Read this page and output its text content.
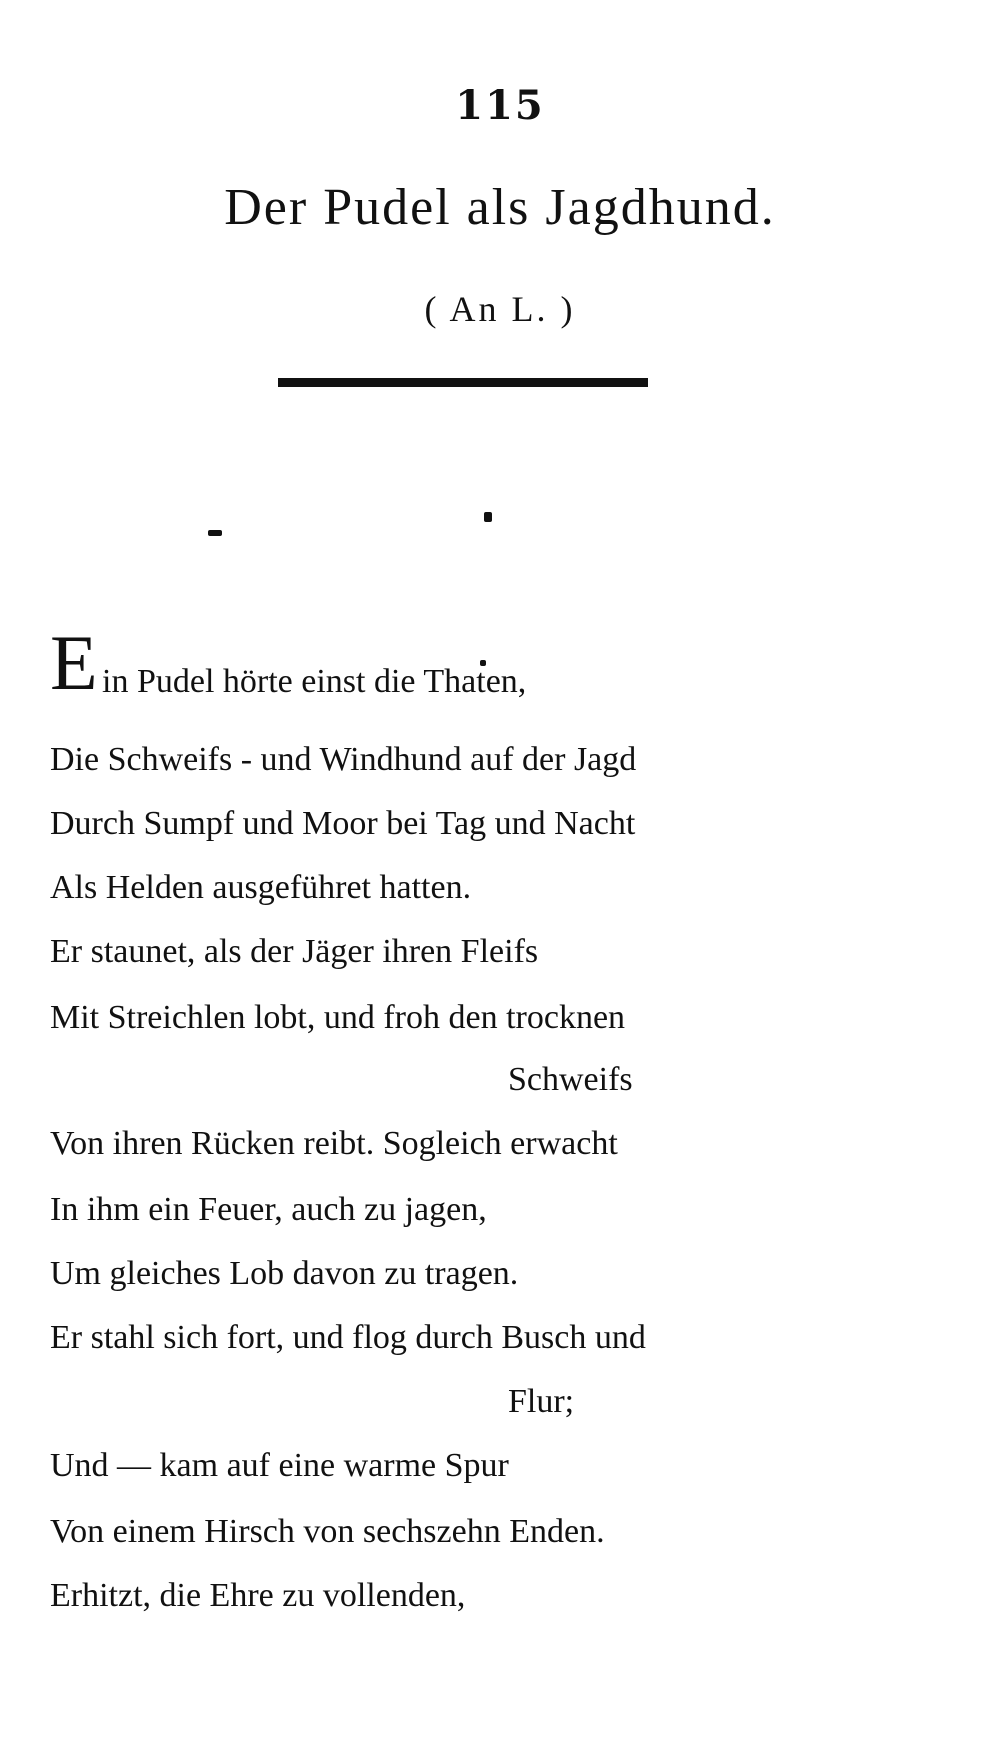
115
Der Pudel als Jagdhund.
( An L. )
E in Pudel hörte einst die Thaten,
Die Schweifs - und Windhund auf der Jagd
Durch Sumpf und Moor bei Tag und Nacht
Als Helden ausgeführet hatten.
Er staunet, als der Jäger ihren Fleifs
Mit Streichlen lobt, und froh den trocknen
Schweifs
Von ihren Rücken reibt. Sogleich erwacht
In ihm ein Feuer, auch zu jagen,
Um gleiches Lob davon zu tragen.
Er stahl sich fort, und flog durch Busch und
Flur;
Und — kam auf eine warme Spur
Von einem Hirsch von sechszehn Enden.
Erhitzt, die Ehre zu vollenden,
